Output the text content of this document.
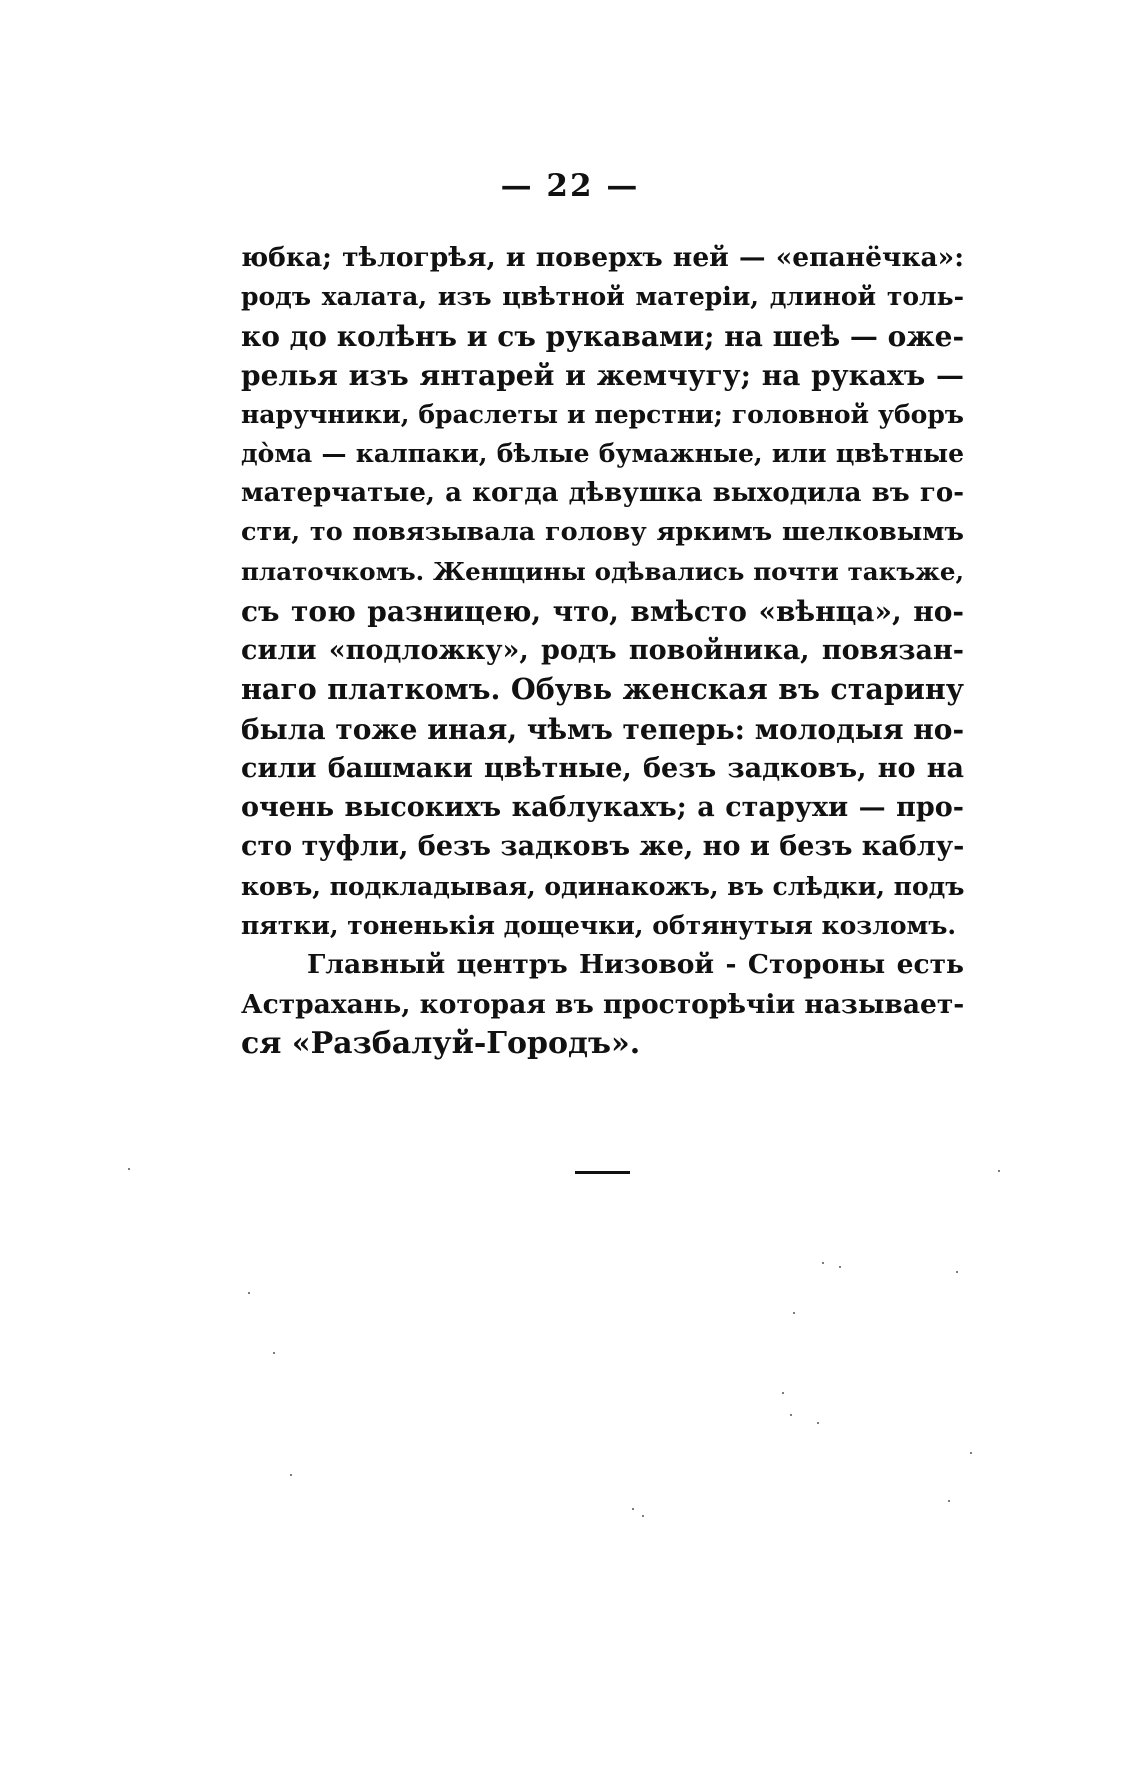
— 22 —
юбка; тѣлогрѣя, и поверхъ ней — «епанёчка»:
родъ халата, изъ цвѣтной матеріи, длиной толь-
ко до колѣнъ и съ рукавами; на шеѣ — оже-
релья изъ янтарей и жемчугу; на рукахъ —
наручники, браслеты и перстни; головной уборъ
до̀ма — калпаки, бѣлые бумажные, или цвѣтные
матерчатые, а когда дѣвушка выходила въ го-
сти, то повязывала голову яркимъ шелковымъ
платочкомъ. Женщины одѣвались почти такъже,
съ тою разницею, что, вмѣсто «вѣнца», но-
сили «подложку», родъ повойника, повязан-
наго платкомъ. Обувь женская въ старину
была тоже иная, чѣмъ теперь: молодыя но-
сили башмаки цвѣтные, безъ задковъ, но на
очень высокихъ каблукахъ; а старухи — про-
сто туфли, безъ задковъ же, но и безъ каблу-
ковъ, подкладывая, одинакожъ, въ слѣдки, подъ
пятки, тоненькія дощечки, обтянутыя козломъ.
Главный центръ Низовой - Стороны есть
Астрахань, которая въ просторѣчіи называет-
ся «Разбалуй-Городъ».
